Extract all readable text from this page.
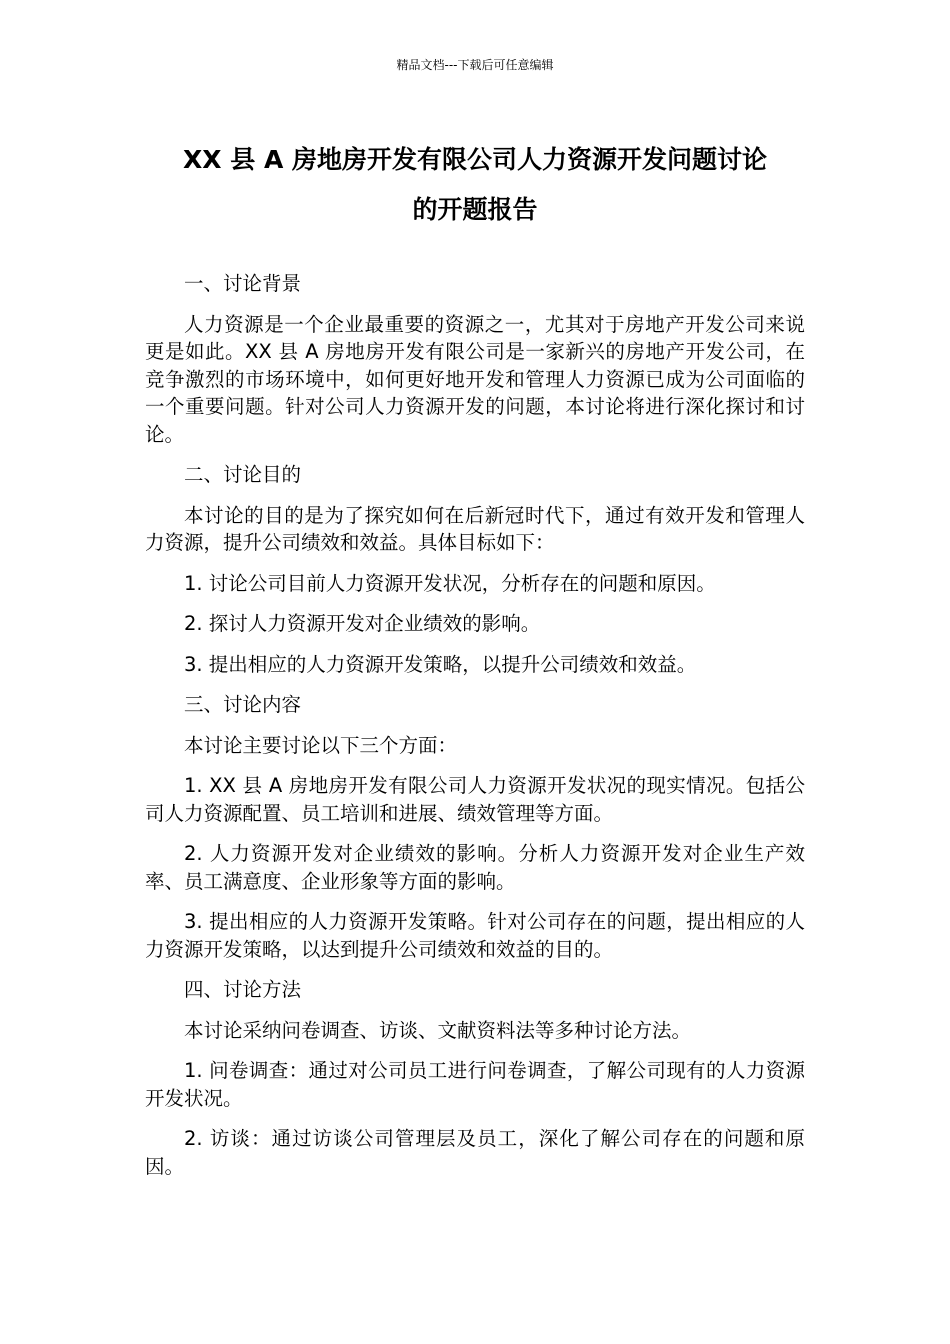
精品文档---下载后可任意编辑
XX 县 A 房地房开发有限公司人力资源开发问题讨论
的开题报告

一、讨论背景

人力资源是一个企业最重要的资源之一，尤其对于房地产开发公司来说更是如此。XX 县 A 房地房开发有限公司是一家新兴的房地产开发公司，在竞争激烈的市场环境中，如何更好地开发和管理人力资源已成为公司面临的一个重要问题。针对公司人力资源开发的问题，本讨论将进行深化探讨和讨论。

二、讨论目的

本讨论的目的是为了探究如何在后新冠时代下，通过有效开发和管理人力资源，提升公司绩效和效益。具体目标如下：

1. 讨论公司目前人力资源开发状况，分析存在的问题和原因。

2. 探讨人力资源开发对企业绩效的影响。

3. 提出相应的人力资源开发策略，以提升公司绩效和效益。

三、讨论内容

本讨论主要讨论以下三个方面：

1. XX 县 A 房地房开发有限公司人力资源开发状况的现实情况。包括公司人力资源配置、员工培训和进展、绩效管理等方面。

2. 人力资源开发对企业绩效的影响。分析人力资源开发对企业生产效率、员工满意度、企业形象等方面的影响。

3. 提出相应的人力资源开发策略。针对公司存在的问题，提出相应的人力资源开发策略，以达到提升公司绩效和效益的目的。

四、讨论方法

本讨论采纳问卷调查、访谈、文献资料法等多种讨论方法。

1. 问卷调查：通过对公司员工进行问卷调查，了解公司现有的人力资源开发状况。

2. 访谈：通过访谈公司管理层及员工，深化了解公司存在的问题和原因。
